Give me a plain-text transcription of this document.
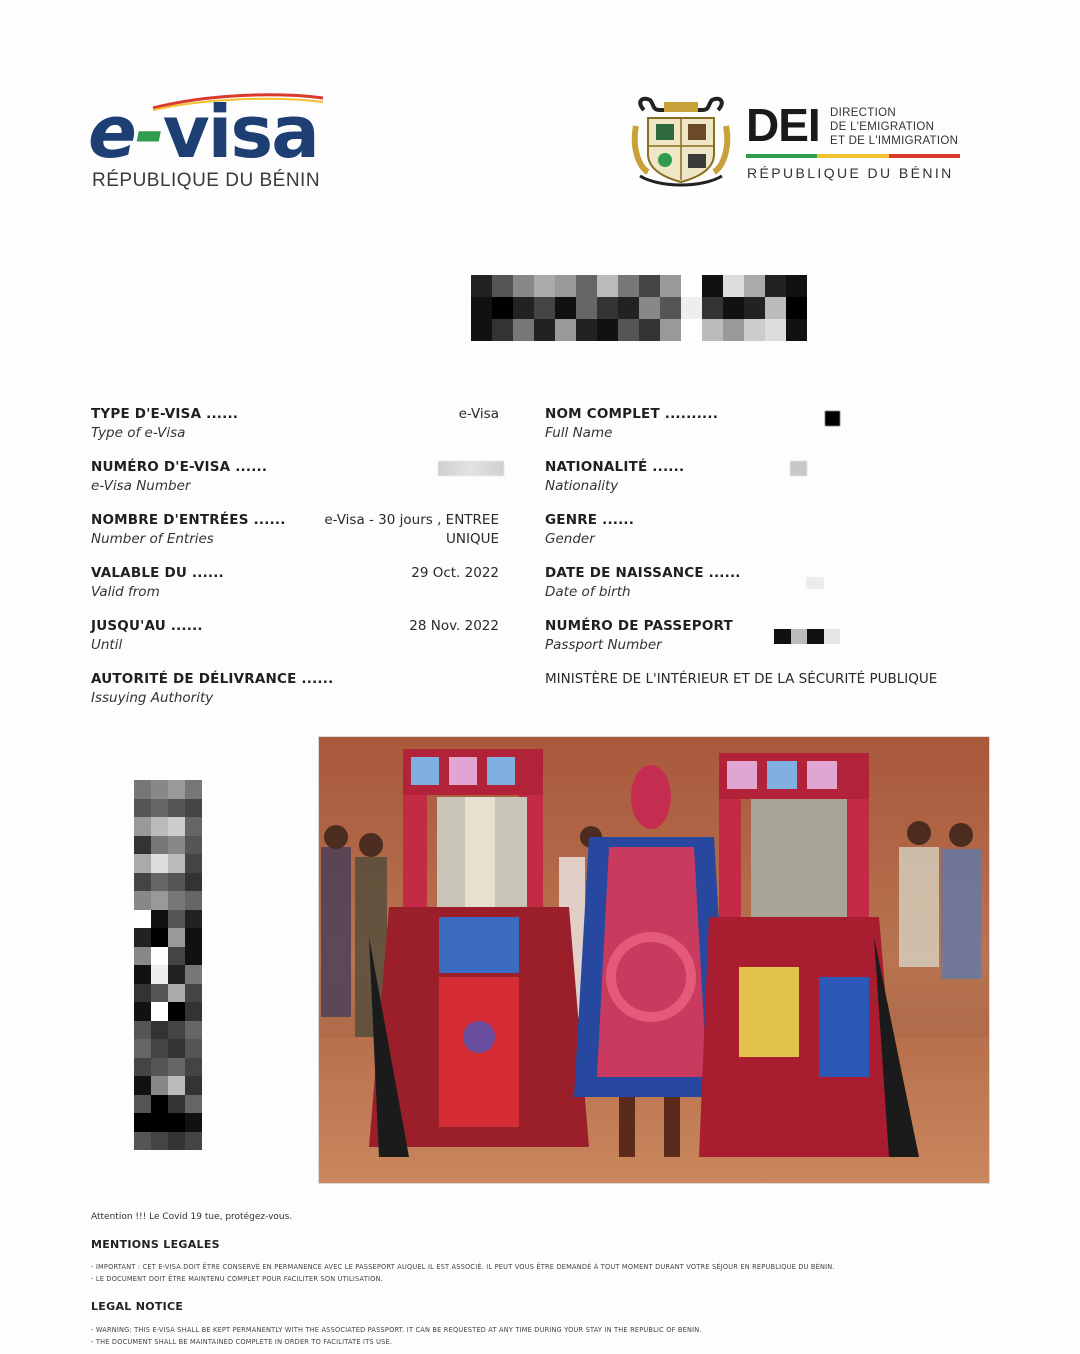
e-visa
RÉPUBLIQUE DU BÉNIN
DEI DIRECTION
DE L'EMIGRATION
ET DE L'IMMIGRATION
RÉPUBLIQUE DU BÉNIN
TYPE D'E-VISA ......
Type of e-Visa
e-Visa
NUMÉRO D'E-VISA ......
e-Visa Number
NOMBRE D'ENTRÉES ......
Number of Entries
e-Visa - 30 jours , ENTREE
UNIQUE
VALABLE DU ......
Valid from
29 Oct. 2022
JUSQU'AU ......
Until
28 Nov. 2022
AUTORITÉ DE DÉLIVRANCE ......
Issuying Authority
MINISTÈRE DE L'INTÉRIEUR ET DE LA SÉCURITÉ PUBLIQUE
NOM COMPLET ..........
Full Name
NATIONALITÉ ......
Nationality
GENRE ......
Gender
DATE DE NAISSANCE ......
Date of birth
NUMÉRO DE PASSEPORT
Passport Number
Attention !!! Le Covid 19 tue, protégez-vous.
MENTIONS LEGALES
- IMPORTANT : CET E-VISA DOIT ÊTRE CONSERVÉ EN PERMANENCE AVEC LE PASSEPORT AUQUEL IL EST ASSOCIÉ. IL PEUT VOUS ÊTRE DEMANDÉ À TOUT MOMENT DURANT VOTRE SÉJOUR EN REPUBLIQUE DU BÉNIN.
- LE DOCUMENT DOIT ÊTRE MAINTENU COMPLET POUR FACILITER SON UTILISATION.
LEGAL NOTICE
- WARNING: THIS E-VISA SHALL BE KEPT PERMANENTLY WITH THE ASSOCIATED PASSPORT. IT CAN BE REQUESTED AT ANY TIME DURING YOUR STAY IN THE REPUBLIC OF BENIN.
- THE DOCUMENT SHALL BE MAINTAINED COMPLETE IN ORDER TO FACILITATE ITS USE.
